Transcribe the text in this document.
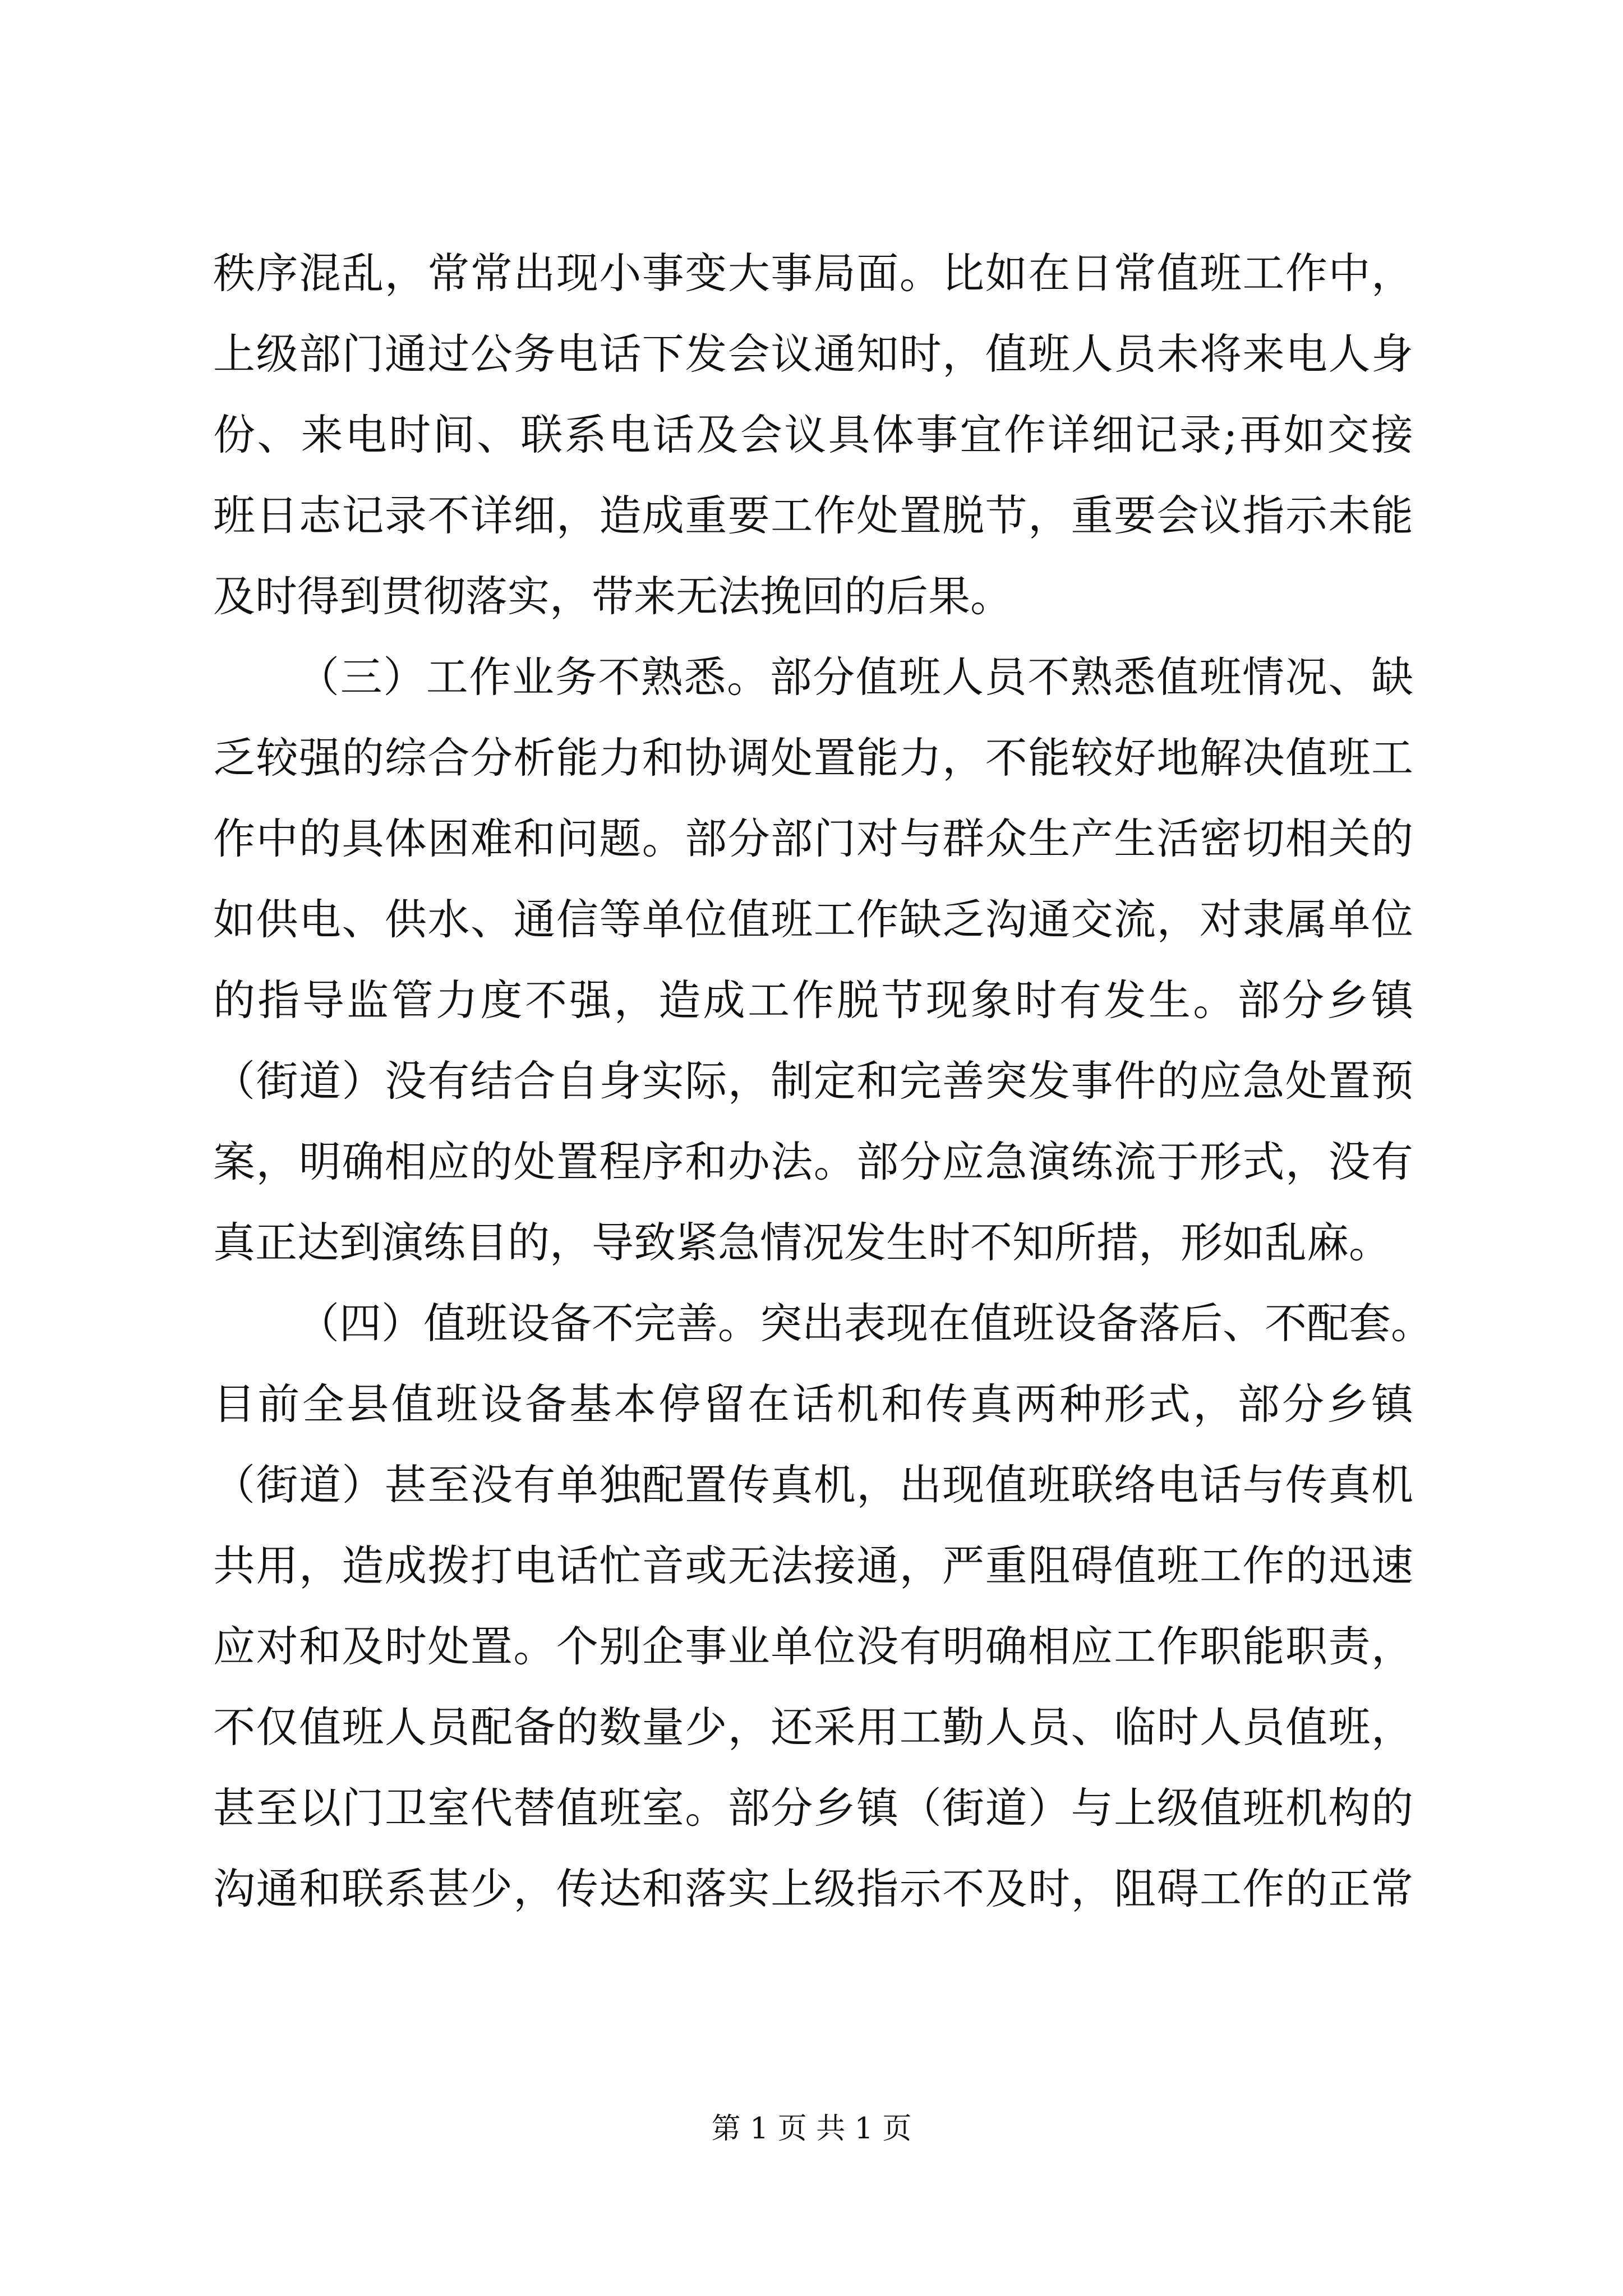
秩序混乱，常常出现小事变大事局面。比如在日常值班工作中，
上级部门通过公务电话下发会议通知时，值班人员未将来电人身
份、来电时间、联系电话及会议具体事宜作详细记录;再如交接
班日志记录不详细，造成重要工作处置脱节，重要会议指示未能
及时得到贯彻落实，带来无法挽回的后果。
（三）工作业务不熟悉。部分值班人员不熟悉值班情况、缺
乏较强的综合分析能力和协调处置能力，不能较好地解决值班工
作中的具体困难和问题。部分部门对与群众生产生活密切相关的
如供电、供水、通信等单位值班工作缺乏沟通交流，对隶属单位
的指导监管力度不强，造成工作脱节现象时有发生。部分乡镇
（街道）没有结合自身实际，制定和完善突发事件的应急处置预
案，明确相应的处置程序和办法。部分应急演练流于形式，没有
真正达到演练目的，导致紧急情况发生时不知所措，形如乱麻。
（四）值班设备不完善。突出表现在值班设备落后、不配套。
目前全县值班设备基本停留在话机和传真两种形式，部分乡镇
（街道）甚至没有单独配置传真机，出现值班联络电话与传真机
共用，造成拨打电话忙音或无法接通，严重阻碍值班工作的迅速
应对和及时处置。个别企事业单位没有明确相应工作职能职责，
不仅值班人员配备的数量少，还采用工勤人员、临时人员值班，
甚至以门卫室代替值班室。部分乡镇（街道）与上级值班机构的
沟通和联系甚少，传达和落实上级指示不及时，阻碍工作的正常
第 1 页 共 1 页
